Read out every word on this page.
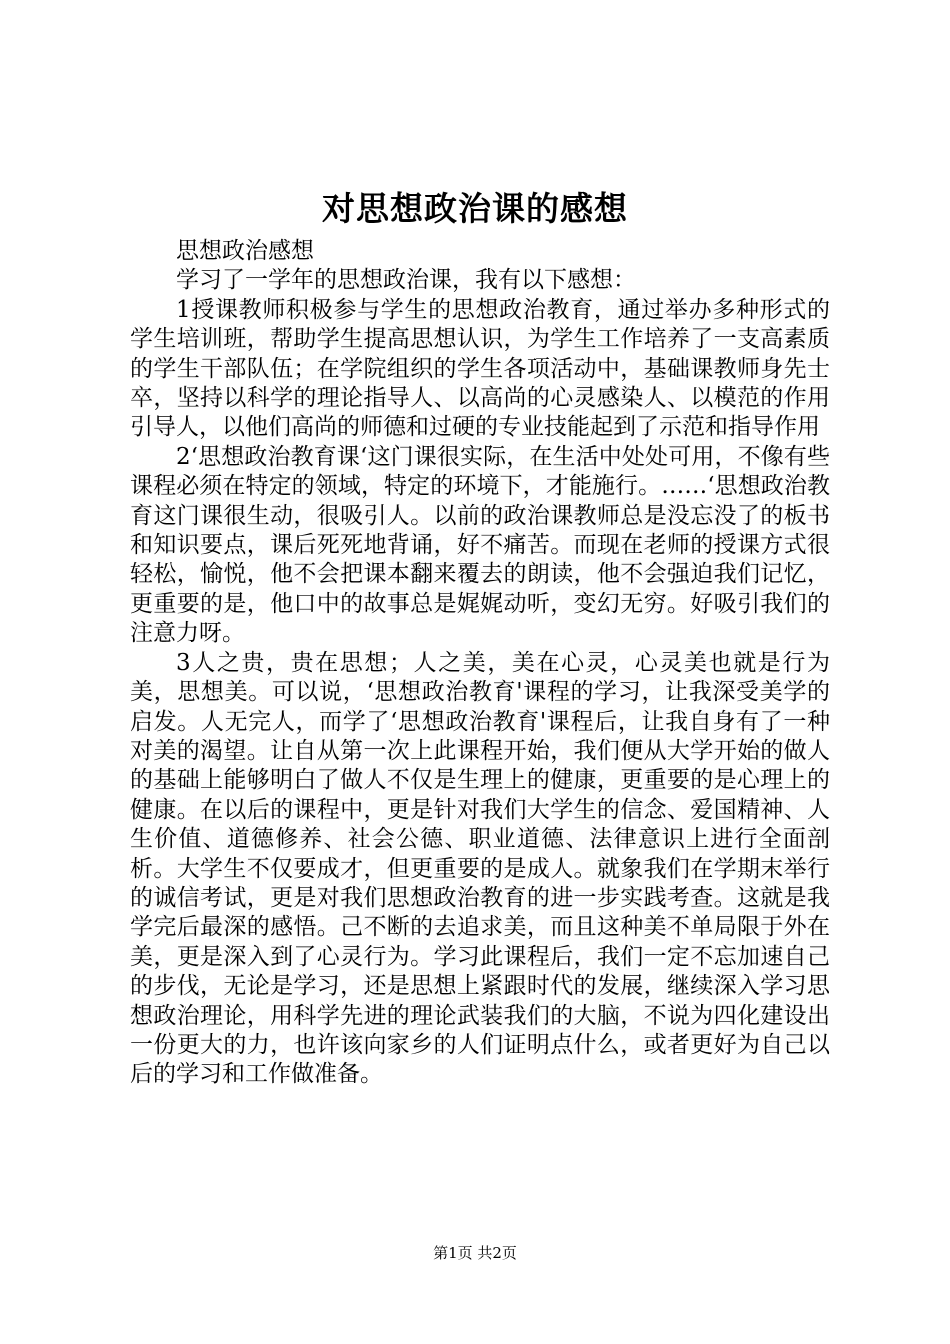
对思想政治课的感想

思想政治感想

学习了一学年的思想政治课，我有以下感想：

1授课教师积极参与学生的思想政治教育，通过举办多种形式的学生培训班，帮助学生提高思想认识，为学生工作培养了一支高素质的学生干部队伍；在学院组织的学生各项活动中，基础课教师身先士卒，坚持以科学的理论指导人、以高尚的心灵感染人、以模范的作用引导人，以他们高尚的师德和过硬的专业技能起到了示范和指导作用

2‘思想政治教育课‘这门课很实际，在生活中处处可用，不像有些课程必须在特定的领域，特定的环境下，才能施行。……‘思想政治教育这门课很生动，很吸引人。以前的政治课教师总是没忘没了的板书和知识要点，课后死死地背诵，好不痛苦。而现在老师的授课方式很轻松，愉悦，他不会把课本翻来覆去的朗读，他不会强迫我们记忆，更重要的是，他口中的故事总是娓娓动听，变幻无穷。好吸引我们的注意力呀。

3人之贵，贵在思想；人之美，美在心灵，心灵美也就是行为美，思想美。可以说，‘思想政治教育'课程的学习，让我深受美学的启发。人无完人，而学了‘思想政治教育'课程后，让我自身有了一种对美的渴望。让自从第一次上此课程开始，我们便从大学开始的做人的基础上能够明白了做人不仅是生理上的健康，更重要的是心理上的健康。在以后的课程中，更是针对我们大学生的信念、爱国精神、人生价值、道德修养、社会公德、职业道德、法律意识上进行全面剖析。大学生不仅要成才，但更重要的是成人。就象我们在学期末举行的诚信考试，更是对我们思想政治教育的进一步实践考查。这就是我学完后最深的感悟。己不断的去追求美，而且这种美不单局限于外在美，更是深入到了心灵行为。学习此课程后，我们一定不忘加速自己的步伐，无论是学习，还是思想上紧跟时代的发展，继续深入学习思想政治理论，用科学先进的理论武装我们的大脑，不说为四化建设出一份更大的力，也许该向家乡的人们证明点什么，或者更好为自己以后的学习和工作做准备。

第1页 共2页
